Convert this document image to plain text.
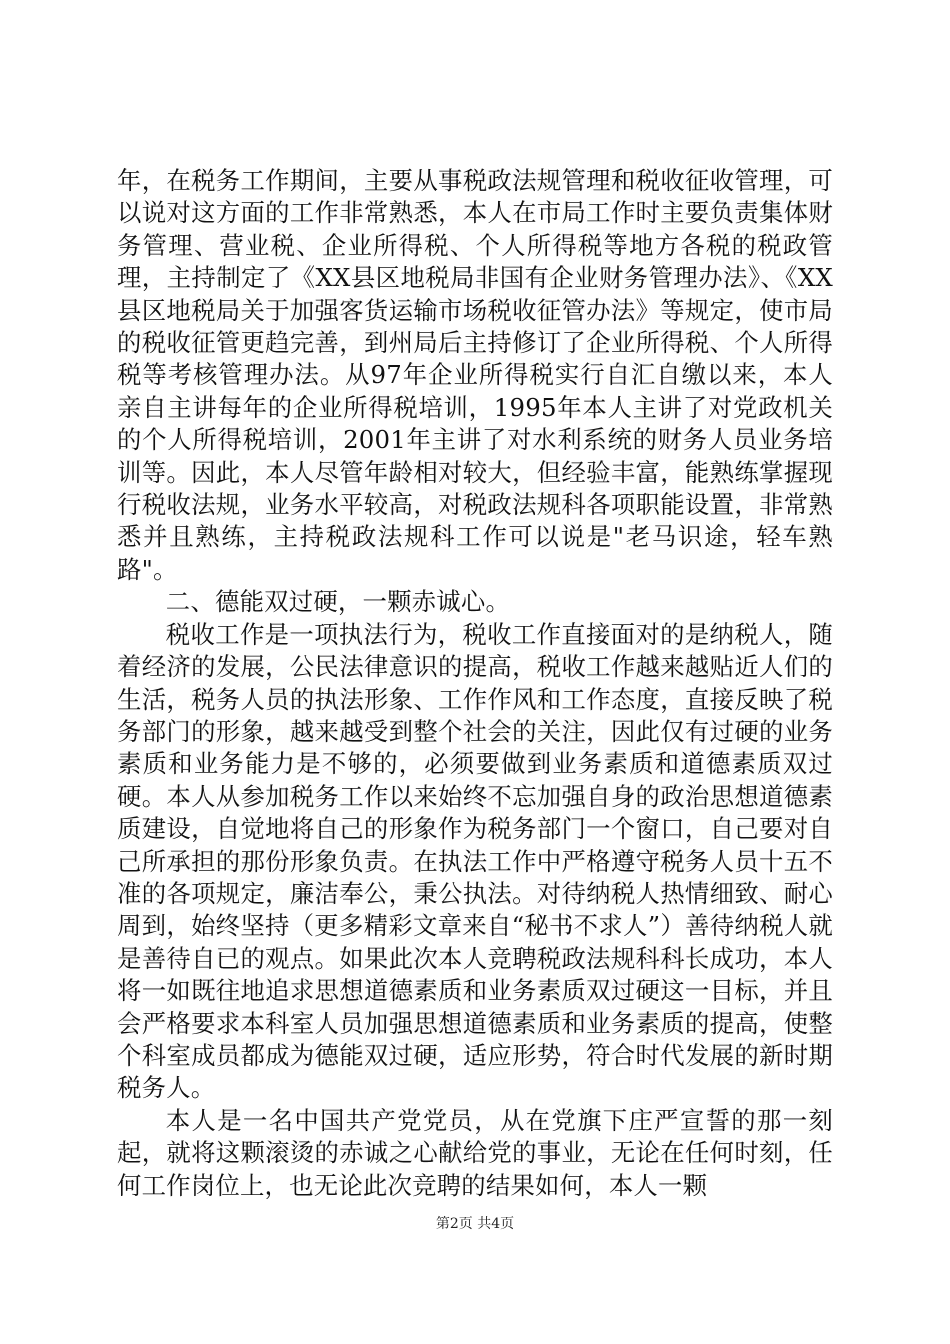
年，在税务工作期间，主要从事税政法规管理和税收征收管理，可以说对这方面的工作非常熟悉，本人在市局工作时主要负责集体财务管理、营业税、企业所得税、个人所得税等地方各税的税政管理，主持制定了《XX县区地税局非国有企业财务管理办法》、《XX县区地税局关于加强客货运输市场税收征管办法》等规定，使市局的税收征管更趋完善，到州局后主持修订了企业所得税、个人所得税等考核管理办法。从97年企业所得税实行自汇自缴以来，本人亲自主讲每年的企业所得税培训，1995年本人主讲了对党政机关的个人所得税培训，2001年主讲了对水利系统的财务人员业务培训等。因此，本人尽管年龄相对较大，但经验丰富，能熟练掌握现行税收法规，业务水平较高，对税政法规科各项职能设置，非常熟悉并且熟练，主持税政法规科工作可以说是"老马识途，轻车熟路"。

二、德能双过硬，一颗赤诚心。

税收工作是一项执法行为，税收工作直接面对的是纳税人，随着经济的发展，公民法律意识的提高，税收工作越来越贴近人们的生活，税务人员的执法形象、工作作风和工作态度，直接反映了税务部门的形象，越来越受到整个社会的关注，因此仅有过硬的业务素质和业务能力是不够的，必须要做到业务素质和道德素质双过硬。本人从参加税务工作以来始终不忘加强自身的政治思想道德素质建设，自觉地将自己的形象作为税务部门一个窗口，自己要对自己所承担的那份形象负责。在执法工作中严格遵守税务人员十五不准的各项规定，廉洁奉公，秉公执法。对待纳税人热情细致、耐心周到，始终坚持（更多精彩文章来自“秘书不求人”）善待纳税人就是善待自已的观点。如果此次本人竞聘税政法规科科长成功，本人将一如既往地追求思想道德素质和业务素质双过硬这一目标，并且会严格要求本科室人员加强思想道德素质和业务素质的提高，使整个科室成员都成为德能双过硬，适应形势，符合时代发展的新时期税务人。

本人是一名中国共产党党员，从在党旗下庄严宣誓的那一刻起，就将这颗滚烫的赤诚之心献给党的事业，无论在任何时刻，任何工作岗位上，也无论此次竞聘的结果如何，本人一颗

第2页 共4页
